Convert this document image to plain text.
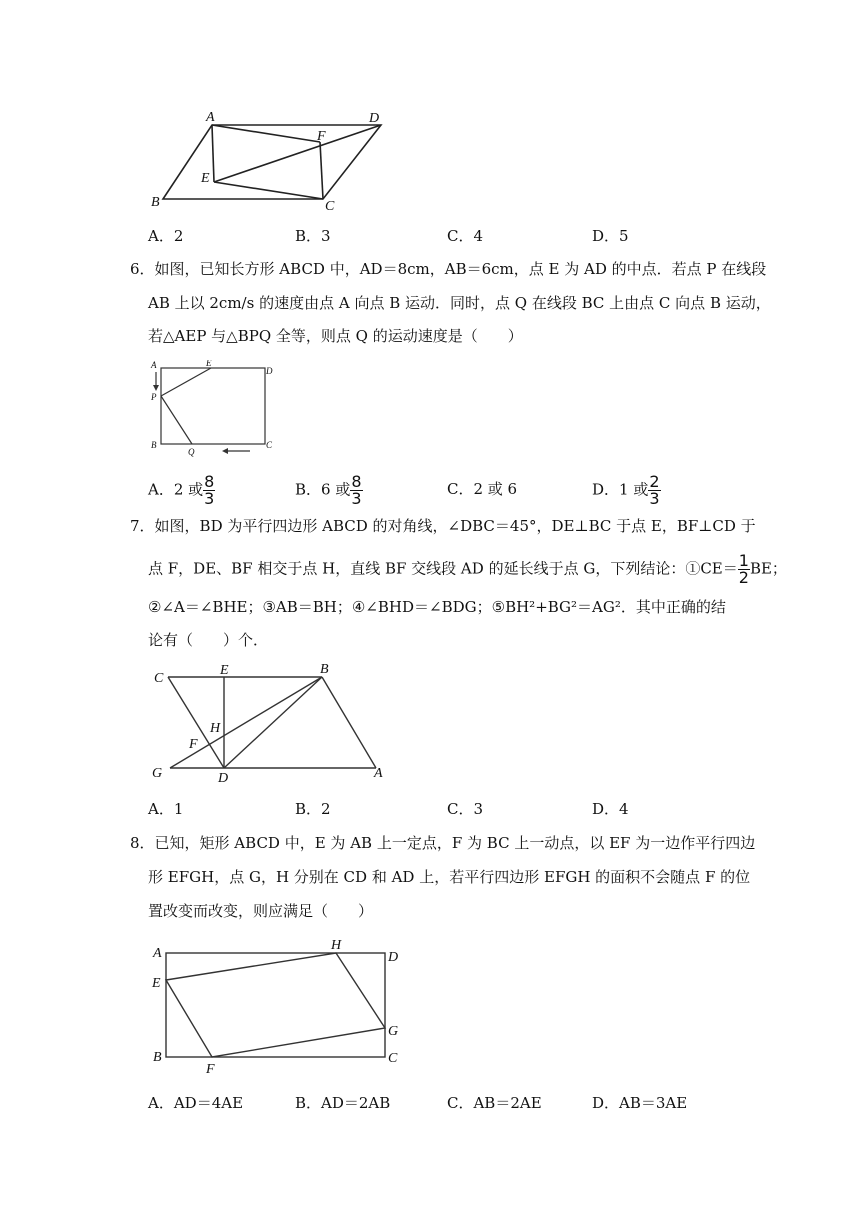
A	D
F
E
B	C
A．2	B．3	C．4	D．5
6．如图，已知长方形 ABCD 中，AD＝8cm，AB＝6cm，点 E 为 AD 的中点．若点 P 在线段
AB 上以 2cm/s 的速度由点 A 向点 B 运动．同时，点 Q 在线段 BC 上由点 C 向点 B 运动，
若△AEP 与△BPQ 全等，则点 Q 的运动速度是（　　）
A	E
D
P
B
Q
C
A．2 或 $\frac{8}{3}$	B．6 或 $\frac{8}{3}$	C．2 或 6	D．1 或 $\frac{2}{3}$
7．如图，BD 为平行四边形 ABCD 的对角线，∠DBC＝45°，DE⊥BC 于点 E，BF⊥CD 于
点 F，DE、BF 相交于点 H，直线 BF 交线段 AD 的延长线于点 G，下列结论：①CE＝ $\frac{1}{2}$ BE；
②∠A＝∠BHE；③AB＝BH；④∠BHD＝∠BDG；⑤BH²+BG²＝AG²．其中正确的结
论有（　　）个．
C
E	B
H
F
G	D	A
A．1	B．2	C．3	D．4
8．已知，矩形 ABCD 中，E 为 AB 上一定点，F 为 BC 上一动点，以 EF 为一边作平行四边
形 EFGH，点 G，H 分别在 CD 和 AD 上，若平行四边形 EFGH 的面积不会随点 F 的位
置改变而改变，则应满足（　　）
A
H
D
E
G
B
F
C
A．AD＝4AE	B．AD＝2AB	C．AB＝2AE	D．AB＝3AE
